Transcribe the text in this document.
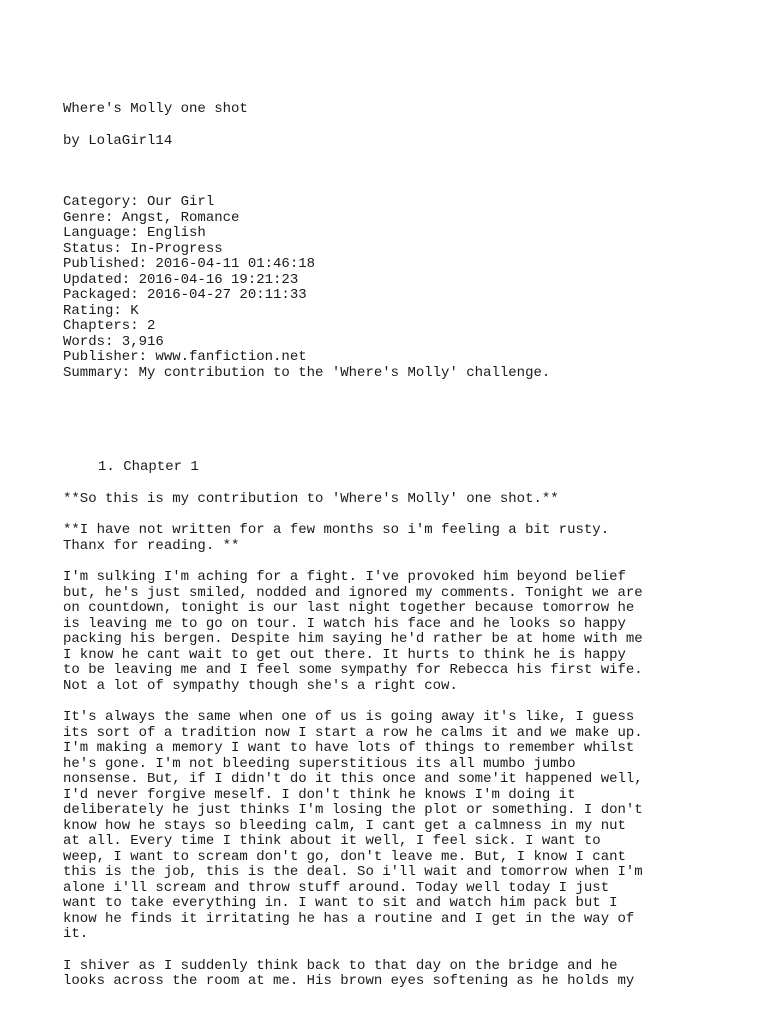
Where's Molly one shot

by LolaGirl14

Category: Our Girl
Genre: Angst, Romance
Language: English
Status: In-Progress
Published: 2016-04-11 01:46:18
Updated: 2016-04-16 19:21:23
Packaged: 2016-04-27 20:11:33
Rating: K
Chapters: 2
Words: 3,916
Publisher: www.fanfiction.net
Summary: My contribution to the 'Where's Molly' challenge.

1. Chapter 1

**So this is my contribution to 'Where's Molly' one shot.**

**I have not written for a few months so i'm feeling a bit rusty.
Thanx for reading. **

I'm sulking I'm aching for a fight. I've provoked him beyond belief
but, he's just smiled, nodded and ignored my comments. Tonight we are
on countdown, tonight is our last night together because tomorrow he
is leaving me to go on tour. I watch his face and he looks so happy
packing his bergen. Despite him saying he'd rather be at home with me
I know he cant wait to get out there. It hurts to think he is happy
to be leaving me and I feel some sympathy for Rebecca his first wife.
Not a lot of sympathy though she's a right cow.

It's always the same when one of us is going away it's like, I guess
its sort of a tradition now I start a row he calms it and we make up.
I'm making a memory I want to have lots of things to remember whilst
he's gone. I'm not bleeding superstitious its all mumbo jumbo
nonsense. But, if I didn't do it this once and some'it happened well,
I'd never forgive meself. I don't think he knows I'm doing it
deliberately he just thinks I'm losing the plot or something. I don't
know how he stays so bleeding calm, I cant get a calmness in my nut
at all. Every time I think about it well, I feel sick. I want to
weep, I want to scream don't go, don't leave me. But, I know I cant
this is the job, this is the deal. So i'll wait and tomorrow when I'm
alone i'll scream and throw stuff around. Today well today I just
want to take everything in. I want to sit and watch him pack but I
know he finds it irritating he has a routine and I get in the way of
it.

I shiver as I suddenly think back to that day on the bridge and he
looks across the room at me. His brown eyes softening as he holds my
